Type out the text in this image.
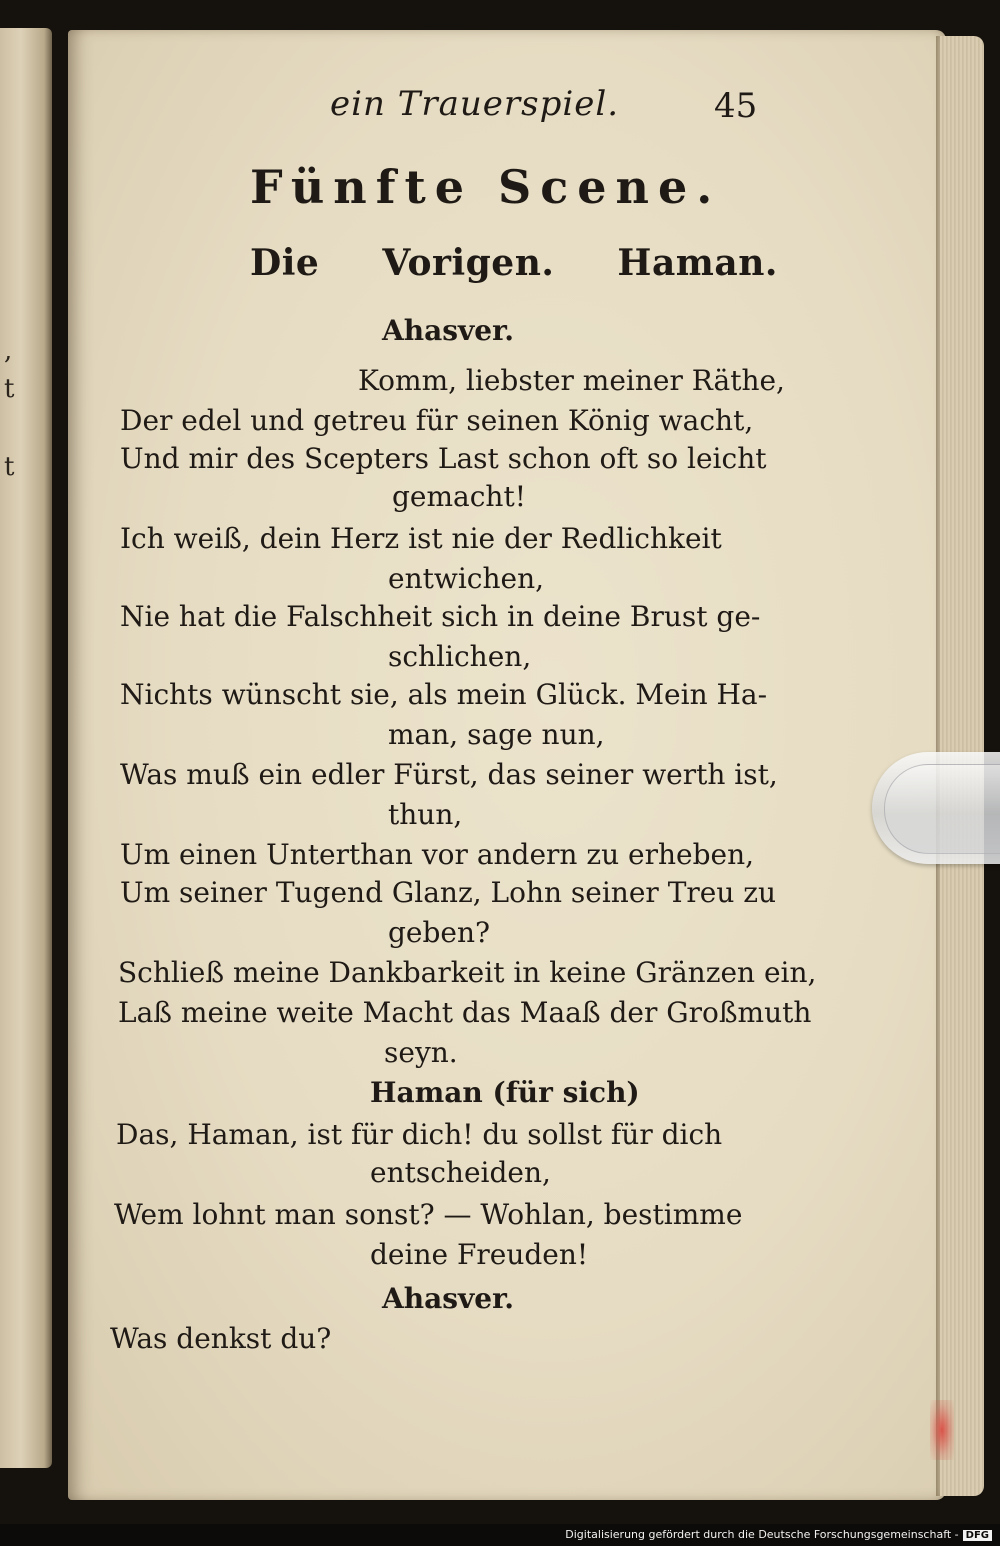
,
t
t
ein Trauerspiel.	45
Fünfte Scene.
Die Vorigen. Haman.
Ahasver.
Komm, liebster meiner Räthe,
Der edel und getreu für seinen König wacht,
Und mir des Scepters Last schon oft so leicht
gemacht!
Ich weiß, dein Herz ist nie der Redlichkeit
entwichen,
Nie hat die Falschheit sich in deine Brust ge-
schlichen,
Nichts wünscht sie, als mein Glück. Mein Ha-
man, sage nun,
Was muß ein edler Fürst, das seiner werth ist,
thun,
Um einen Unterthan vor andern zu erheben,
Um seiner Tugend Glanz, Lohn seiner Treu zu
geben?
Schließ meine Dankbarkeit in keine Gränzen ein,
Laß meine weite Macht das Maaß der Großmuth
seyn.
Haman (für sich)
Das, Haman, ist für dich! du sollst für dich
entscheiden,
Wem lohnt man sonst? — Wohlan, bestimme
deine Freuden!
Ahasver.
Was denkst du?
Digitalisierung gefördert durch die Deutsche Forschungsgemeinschaft - DFG
